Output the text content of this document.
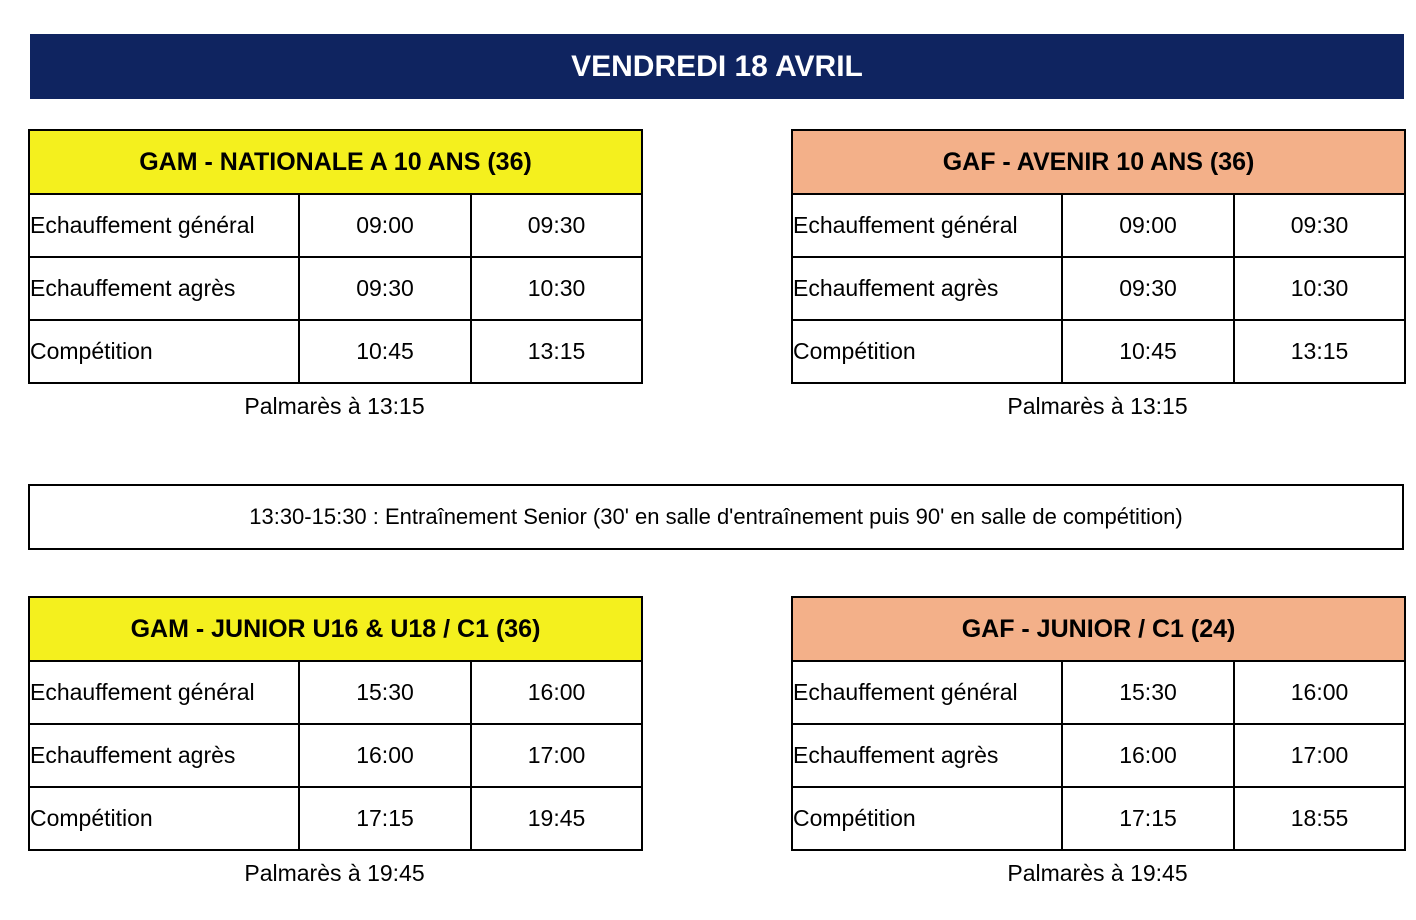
VENDREDI 18 AVRIL
GAM - NATIONALE A 10 ANS (36)		
Echauffement général	09:00	09:30
Echauffement agrès	09:30	10:30
Compétition	10:45	13:15
Palmarès à 13:15
GAF - AVENIR 10 ANS (36)		
Echauffement général	09:00	09:30
Echauffement agrès	09:30	10:30
Compétition	10:45	13:15
Palmarès à 13:15
13:30-15:30 : Entraînement Senior (30' en salle d'entraînement puis 90' en salle de compétition)
GAM - JUNIOR U16 & U18 / C1 (36)		
Echauffement général	15:30	16:00
Echauffement agrès	16:00	17:00
Compétition	17:15	19:45
Palmarès à 19:45
GAF - JUNIOR / C1 (24)		
Echauffement général	15:30	16:00
Echauffement agrès	16:00	17:00
Compétition	17:15	18:55
Palmarès à 19:45
